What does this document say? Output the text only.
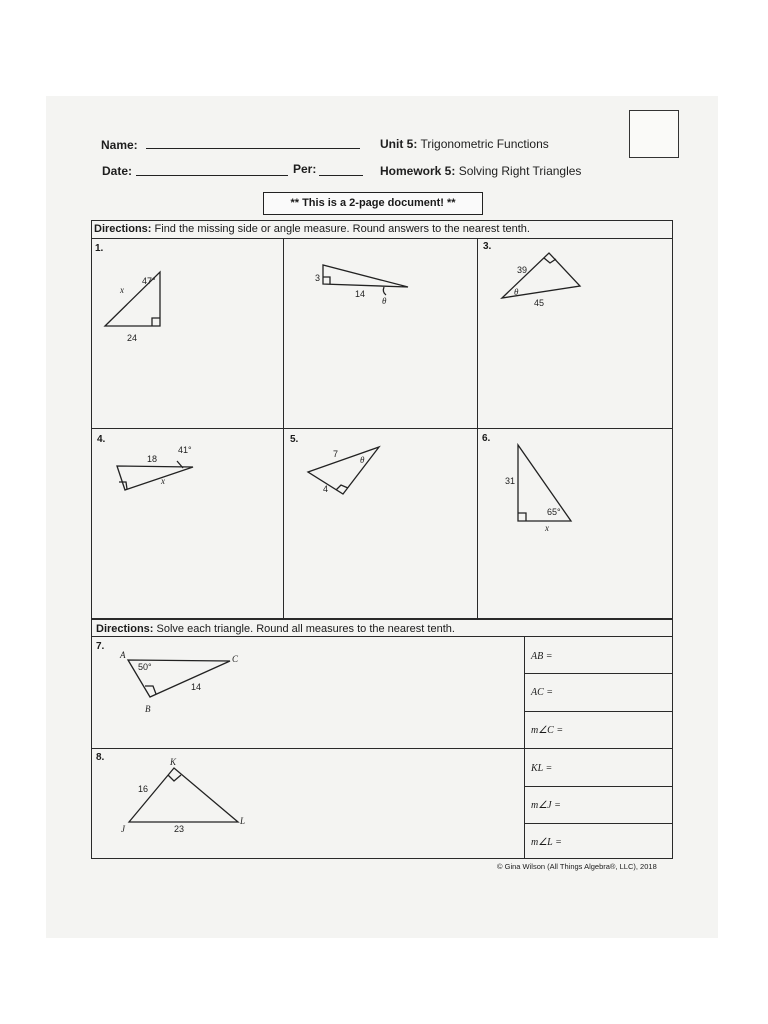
Name:
Date:	Per:
Unit 5: Trigonometric Functions
Homework 5: Solving Right Triangles
** This is a 2-page document! **
Directions: Find the missing side or angle measure. Round answers to the nearest tenth.
1.	3.
4.	5.	6.
Directions: Solve each triangle. Round all measures to the nearest tenth.
7.
8.
AB =
AC =
m∠C =
KL =
m∠J =
m∠L =
© Gina Wilson (All Things Algebra®, LLC), 2018
47°
x
24
3
14
θ
39
θ
45
41°
18
x
7
θ
4
31
65°
x
A
50°
C
14
B
K
16
J	23
L
